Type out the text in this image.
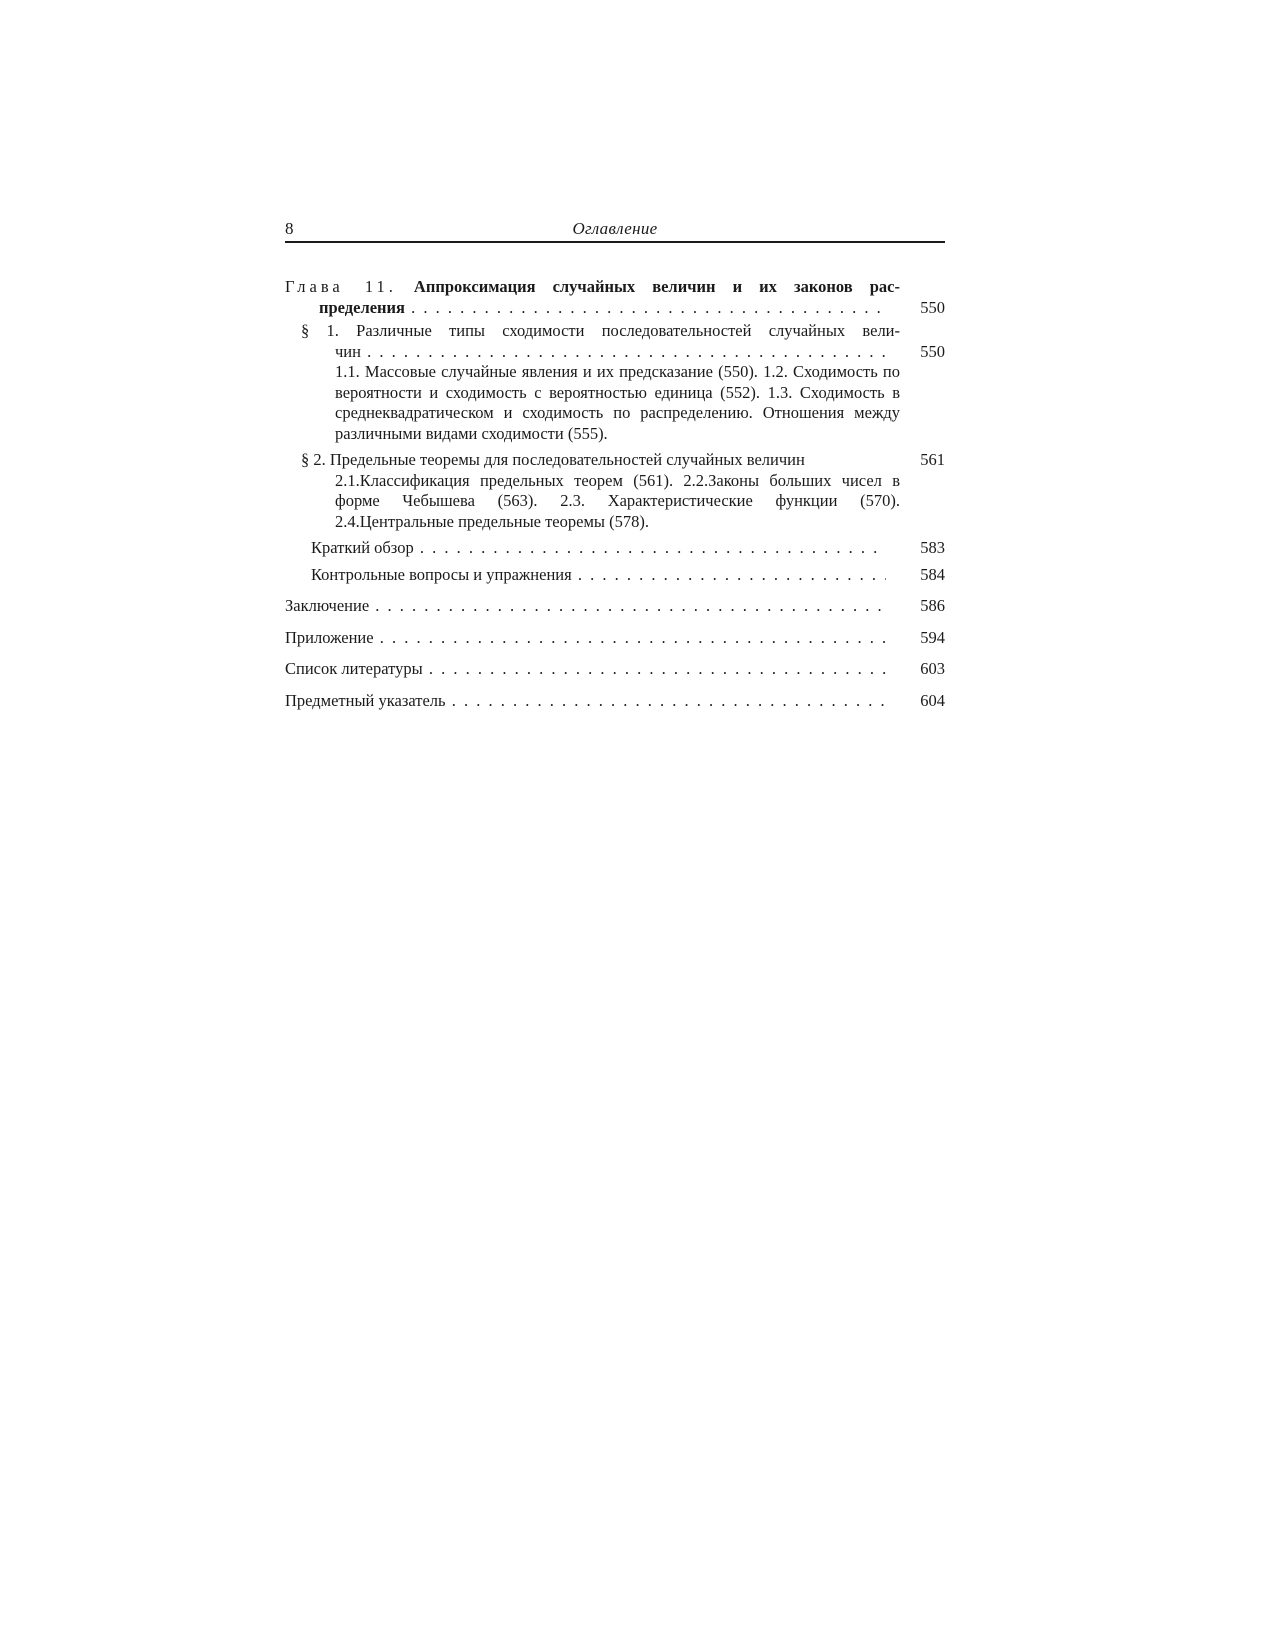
8	Оглавление
Глава 11. Аппроксимация случайных величин и их законов рас-
пределения . . .	550
§ 1. Различные типы сходимости последовательностей случайных вели-
чин . . .	550
1.1. Массовые случайные явления и их предсказание (550). 1.2. Сходимость по вероятности и сходимость с вероятностью единица (552). 1.3. Сходимость в среднеквадратическом и сходимость по распределению. Отношения между различными видами сходимости (555).
§ 2. Предельные теоремы для последовательностей случайных величин	561
2.1.Классификация предельных теорем (561). 2.2.Законы больших чисел в форме Чебышева (563). 2.3. Характеристические функции (570). 2.4.Центральные предельные теоремы (578).
Краткий обзор . . .	583
Контрольные вопросы и упражнения . . .	584
Заключение . . .	586
Приложение . . .	594
Список литературы . . .	603
Предметный указатель . . .	604
